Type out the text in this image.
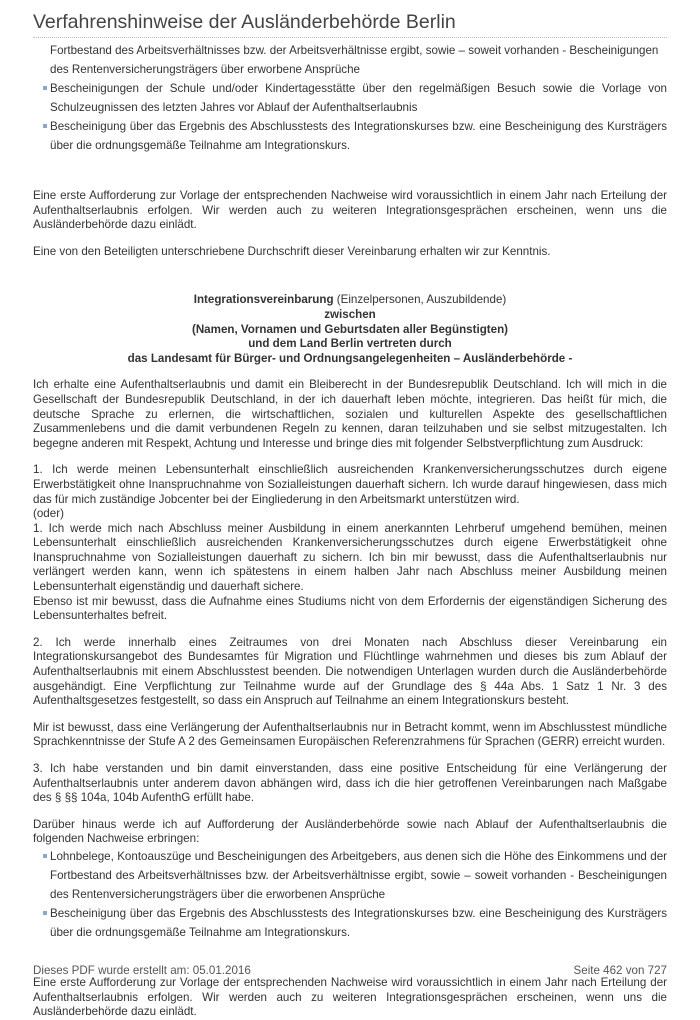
Verfahrenshinweise der Ausländerbehörde Berlin
Fortbestand des Arbeitsverhältnisses bzw. der Arbeitsverhältnisse ergibt, sowie – soweit vorhanden - Bescheinigungen
des Rentenversicherungsträgers über erworbene Ansprüche
Bescheinigungen der Schule und/oder Kindertagesstätte über den regelmäßigen Besuch sowie die Vorlage von Schulzeugnissen des letzten Jahres vor Ablauf der Aufenthaltserlaubnis
Bescheinigung über das Ergebnis des Abschlusstests des Integrationskurses bzw. eine Bescheinigung des Kursträgers über die ordnungsgemäße Teilnahme am Integrationskurs.

Eine erste Aufforderung zur Vorlage der entsprechenden Nachweise wird voraussichtlich in einem Jahr nach Erteilung der Aufenthaltserlaubnis erfolgen. Wir werden auch zu weiteren Integrationsgesprächen erscheinen, wenn uns die Ausländerbehörde dazu einlädt.

Eine von den Beteiligten unterschriebene Durchschrift dieser Vereinbarung erhalten wir zur Kenntnis.

Integrationsvereinbarung (Einzelpersonen, Auszubildende)
zwischen
(Namen, Vornamen und Geburtsdaten aller Begünstigten)
und dem Land Berlin vertreten durch
das Landesamt für Bürger- und Ordnungsangelegenheiten – Ausländerbehörde -

Ich erhalte eine Aufenthaltserlaubnis und damit ein Bleiberecht in der Bundesrepublik Deutschland. Ich will mich in die Gesellschaft der Bundesrepublik Deutschland, in der ich dauerhaft leben möchte, integrieren. Das heißt für mich, die deutsche Sprache zu erlernen, die wirtschaftlichen, sozialen und kulturellen Aspekte des gesellschaftlichen Zusammenlebens und die damit verbundenen Regeln zu kennen, daran teilzuhaben und sie selbst mitzugestalten. Ich begegne anderen mit Respekt, Achtung und Interesse und bringe dies mit folgender Selbstverpflichtung zum Ausdruck:

1. Ich werde meinen Lebensunterhalt einschließlich ausreichenden Krankenversicherungsschutzes durch eigene Erwerbstätigkeit ohne Inanspruchnahme von Sozialleistungen dauerhaft sichern. Ich wurde darauf hingewiesen, dass mich das für mich zuständige Jobcenter bei der Eingliederung in den Arbeitsmarkt unterstützen wird.

(oder)

1. Ich werde mich nach Abschluss meiner Ausbildung in einem anerkannten Lehrberuf umgehend bemühen, meinen Lebensunterhalt einschließlich ausreichenden Krankenversicherungsschutzes durch eigene Erwerbstätigkeit ohne Inanspruchnahme von Sozialleistungen dauerhaft zu sichern. Ich bin mir bewusst, dass die Aufenthaltserlaubnis nur verlängert werden kann, wenn ich spätestens in einem halben Jahr nach Abschluss meiner Ausbildung meinen Lebensunterhalt eigenständig und dauerhaft sichere.

Ebenso ist mir bewusst, dass die Aufnahme eines Studiums nicht von dem Erfordernis der eigenständigen Sicherung des Lebensunterhaltes befreit.

2. Ich werde innerhalb eines Zeitraumes von drei Monaten nach Abschluss dieser Vereinbarung ein Integrationskursangebot des Bundesamtes für Migration und Flüchtlinge wahrnehmen und dieses bis zum Ablauf der Aufenthaltserlaubnis mit einem Abschlusstest beenden. Die notwendigen Unterlagen wurden durch die Ausländerbehörde ausgehändigt. Eine Verpflichtung zur Teilnahme wurde auf der Grundlage des § 44a Abs. 1 Satz 1 Nr. 3 des Aufenthaltsgesetzes festgestellt, so dass ein Anspruch auf Teilnahme an einem Integrationskurs besteht.

Mir ist bewusst, dass eine Verlängerung der Aufenthaltserlaubnis nur in Betracht kommt, wenn im Abschlusstest mündliche Sprachkenntnisse der Stufe A 2 des Gemeinsamen Europäischen Referenzrahmens für Sprachen (GERR) erreicht wurden.

3. Ich habe verstanden und bin damit einverstanden, dass eine positive Entscheidung für eine Verlängerung der Aufenthaltserlaubnis unter anderem davon abhängen wird, dass ich die hier getroffenen Vereinbarungen nach Maßgabe des § §§ 104a, 104b AufenthG erfüllt habe.

Darüber hinaus werde ich auf Aufforderung der Ausländerbehörde sowie nach Ablauf der Aufenthaltserlaubnis die folgenden Nachweise erbringen:

Lohnbelege, Kontoauszüge und Bescheinigungen des Arbeitgebers, aus denen sich die Höhe des Einkommens und der Fortbestand des Arbeitsverhältnisses bzw. der Arbeitsverhältnisse ergibt, sowie – soweit vorhanden - Bescheinigungen des Rentenversicherungsträgers über die erworbenen Ansprüche
Bescheinigung über das Ergebnis des Abschlusstests des Integrationskurses bzw. eine Bescheinigung des Kursträgers über die ordnungsgemäße Teilnahme am Integrationskurs.

Eine erste Aufforderung zur Vorlage der entsprechenden Nachweise wird voraussichtlich in einem Jahr nach Erteilung der Aufenthaltserlaubnis erfolgen. Wir werden auch zu weiteren Integrationsgesprächen erscheinen, wenn uns die Ausländerbehörde dazu einlädt.

Dieses PDF wurde erstellt am: 05.01.2016	Seite 462 von 727
